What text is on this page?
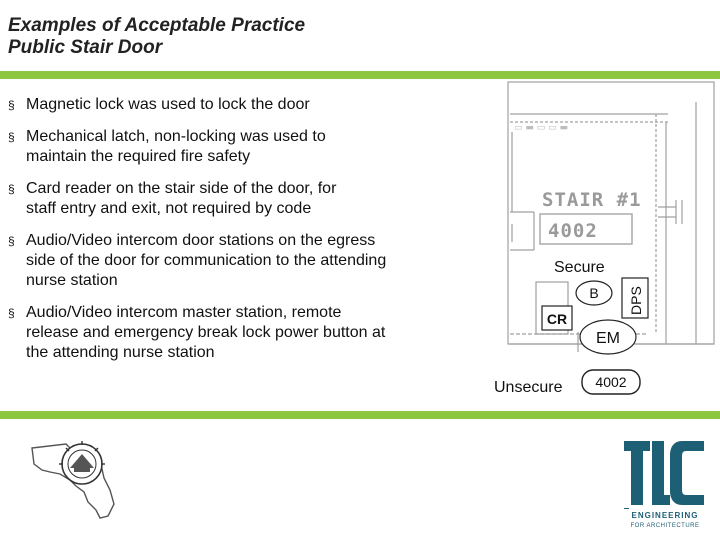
Examples of Acceptable Practice
Public Stair Door
§ Magnetic lock was used to lock the door
§ Mechanical latch, non-locking was used to maintain the required fire safety
§ Card reader on the stair side of the door, for staff entry and exit, not required by code
§ Audio/Video intercom door stations on the egress side of the door for communication to the attending nurse station
§ Audio/Video intercom master station, remote release and emergency break lock power button at the attending nurse station
▭ ▬ ▭ ▭ ▬
STAIR #1
4002
Secure
B DPS
CR
EM
Unsecure 4002
ENGINEERING
FOR ARCHITECTURE
